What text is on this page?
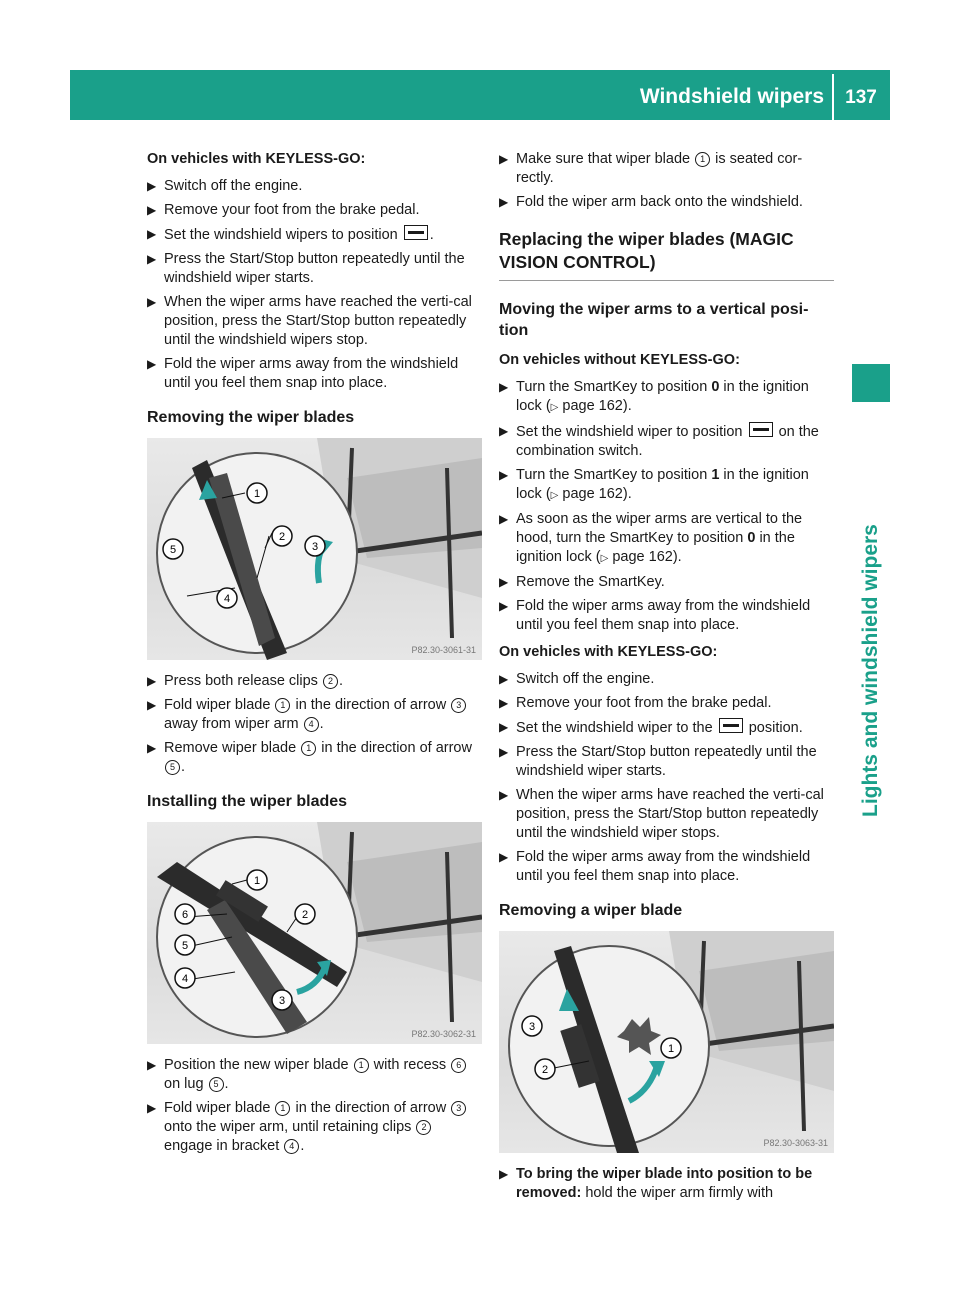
Windshield wipers	137
Lights and windshield wipers
On vehicles with KEYLESS-GO:
▶ Switch off the engine.
▶ Remove your foot from the brake pedal.
▶ Set the windshield wipers to position .
▶ Press the Start/Stop button repeatedly until the windshield wiper starts.
▶ When the wiper arms have reached the verti-cal position, press the Start/Stop button repeatedly until the windshield wipers stop.
▶ Fold the wiper arms away from the windshield until you feel them snap into place.
Removing the wiper blades
1
2
3
4
5
P82.30-3061-31
▶ Press both release clips 2 .
▶ Fold wiper blade 1 in the direction of arrow 3 away from wiper arm 4 .
▶ Remove wiper blade 1 in the direction of arrow 5 .
Installing the wiper blades
1
2
3
4
5
6
P82.30-3062-31
▶ Position the new wiper blade 1 with recess 6 on lug 5 .
▶ Fold wiper blade 1 in the direction of arrow 3 onto the wiper arm, until retaining clips 2 engage in bracket 4 .
▶ Make sure that wiper blade 1 is seated cor-rectly.
▶ Fold the wiper arm back onto the windshield.
Replacing the wiper blades (MAGIC VISION CONTROL)
Moving the wiper arms to a vertical posi-tion
On vehicles without KEYLESS-GO:
▶ Turn the SmartKey to position 0 in the ignition lock (▷ page 162).
▶ Set the windshield wiper to position on the combination switch.
▶ Turn the SmartKey to position 1 in the ignition lock (▷ page 162).
▶ As soon as the wiper arms are vertical to the hood, turn the SmartKey to position 0 in the ignition lock (▷ page 162).
▶ Remove the SmartKey.
▶ Fold the wiper arms away from the windshield until you feel them snap into place.
On vehicles with KEYLESS-GO:
▶ Switch off the engine.
▶ Remove your foot from the brake pedal.
▶ Set the windshield wiper to the position.
▶ Press the Start/Stop button repeatedly until the windshield wiper starts.
▶ When the wiper arms have reached the verti-cal position, press the Start/Stop button repeatedly until the windshield wiper stops.
▶ Fold the wiper arms away from the windshield until you feel them snap into place.
Removing a wiper blade
1
2
3
P82.30-3063-31
▶ To bring the wiper blade into position to be removed: hold the wiper arm firmly with
